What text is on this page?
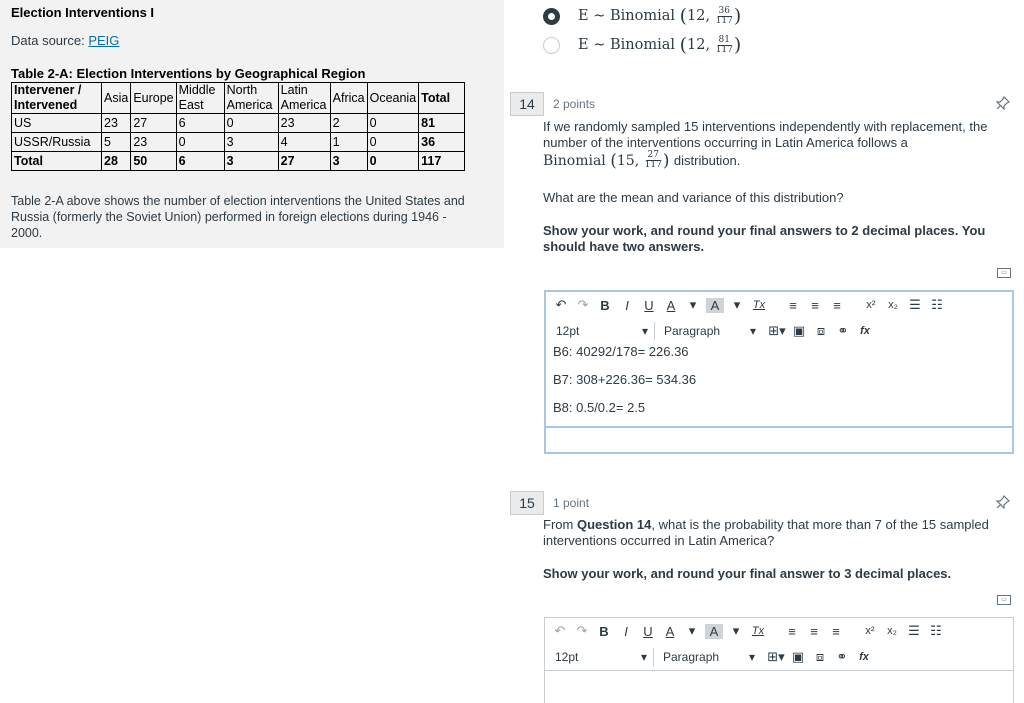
Election Interventions I
Data source: PEIG
Table 2-A: Election Interventions by Geographical Region
Intervener / Intervened	Asia	Europe	Middle East	North America	Latin America	Africa	Oceania	Total
US	23	27	6	0	23	2	0	81
USSR/Russia	5	23	0	3	4	1	0	36
Total	28	50	6	3	27	3	0	117
Table 2-A above shows the number of election interventions the United States and Russia (formerly the Soviet Union) performed in foreign elections during 1946 - 2000.
E ∼ Binomial
( 12 , $\frac{36}{117}$ )
E ∼ Binomial
( 12 , $\frac{81}{117}$ )
14	2 points
If we randomly sampled 15 interventions independently with replacement, the number of the interventions occurring in Latin America follows a
Binomial
( 15 , $\frac{27}{117}$ )
distribution.
What are the mean and variance of this distribution?
Show your work, and round your final answers to 2 decimal places. You should have two answers.
▭
↶ ↷ B	I	U A	▾	A	▾	Tx	≡	≡	≡	x²	x₂ ☰ ☷
12pt	▾ Paragraph ▾ ⊞▾ ▣ ⧈ ⚭	fx

B6: 40292/178= 226.36

B7: 308+226.36= 534.36

B8: 0.5/0.2= 2.5

15	1 point
From Question 14, what is the probability that more than 7 of the 15 sampled interventions occurred in Latin America?
Show your work, and round your final answer to 3 decimal places.
▭
↶ ↷ B	I	U A	▾	A	▾	Tx	≡	≡	≡	x²	x₂ ☰ ☷
12pt	▾ Paragraph ▾ ⊞▾ ▣ ⧈ ⚭	fx
